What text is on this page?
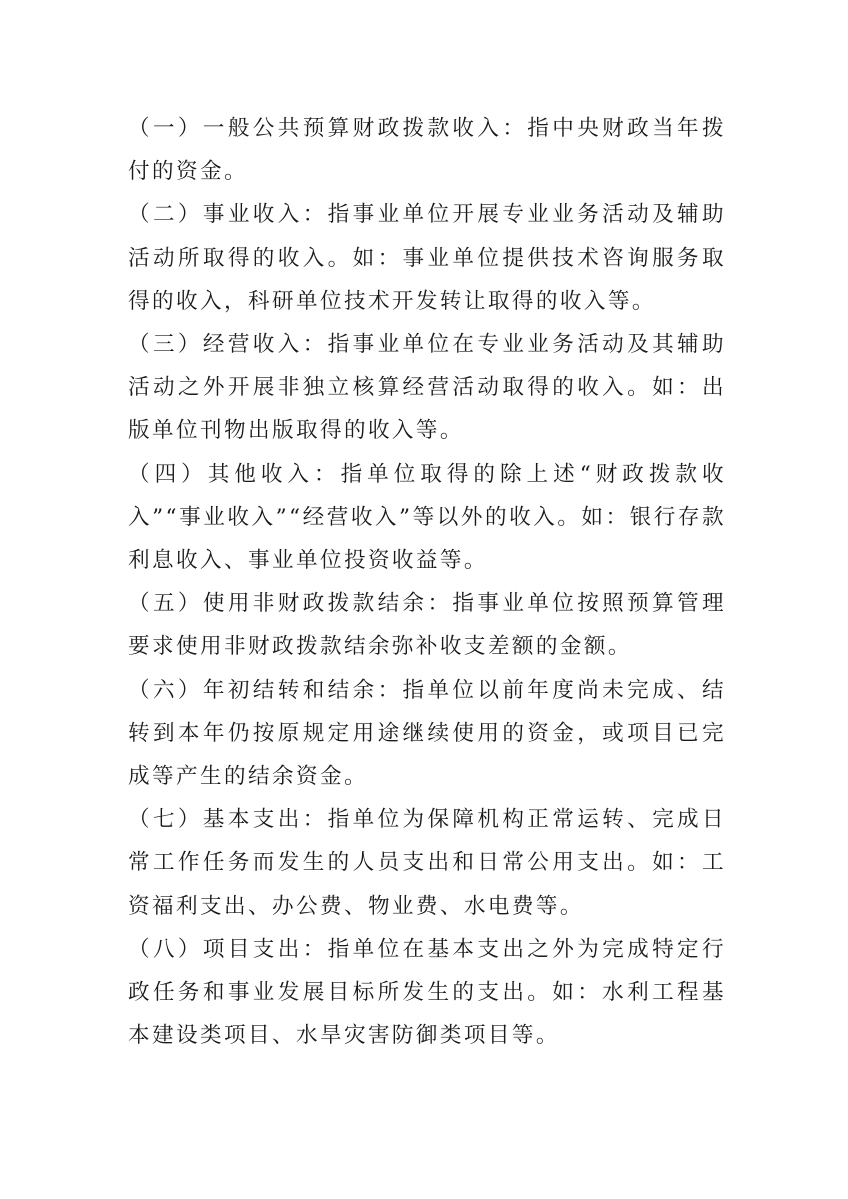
（一）一般公共预算财政拨款收入：指中央财政当年拨付的资金。

（二）事业收入：指事业单位开展专业业务活动及辅助活动所取得的收入。如：事业单位提供技术咨询服务取得的收入，科研单位技术开发转让取得的收入等。

（三）经营收入：指事业单位在专业业务活动及其辅助活动之外开展非独立核算经营活动取得的收入。如：出版单位刊物出版取得的收入等。

（四）其他收入：指单位取得的除上述“财政拨款收入”“事业收入”“经营收入”等以外的收入。如：银行存款利息收入、事业单位投资收益等。

（五）使用非财政拨款结余：指事业单位按照预算管理要求使用非财政拨款结余弥补收支差额的金额。

（六）年初结转和结余：指单位以前年度尚未完成、结转到本年仍按原规定用途继续使用的资金，或项目已完成等产生的结余资金。

（七）基本支出：指单位为保障机构正常运转、完成日常工作任务而发生的人员支出和日常公用支出。如：工资福利支出、办公费、物业费、水电费等。

（八）项目支出：指单位在基本支出之外为完成特定行政任务和事业发展目标所发生的支出。如：水利工程基本建设类项目、水旱灾害防御类项目等。
